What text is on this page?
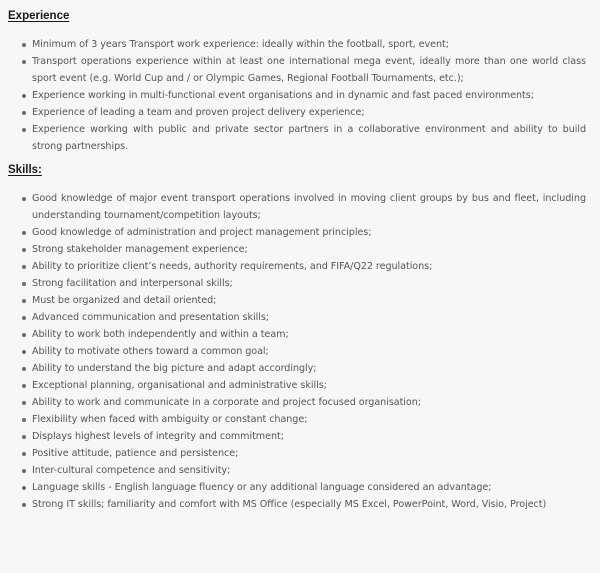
Experience
Minimum of 3 years Transport work experience: ideally within the football, sport, event;
Transport operations experience within at least one international mega event, ideally more than one world class sport event (e.g. World Cup and / or Olympic Games, Regional Football Tournaments, etc.);
Experience working in multi-functional event organisations and in dynamic and fast paced environments;
Experience of leading a team and proven project delivery experience;
Experience working with public and private sector partners in a collaborative environment and ability to build strong partnerships.
Skills:
Good knowledge of major event transport operations involved in moving client groups by bus and fleet, including understanding tournament/competition layouts;
Good knowledge of administration and project management principles;
Strong stakeholder management experience;
Ability to prioritize client’s needs, authority requirements, and FIFA/Q22 regulations;
Strong facilitation and interpersonal skills;
Must be organized and detail oriented;
Advanced communication and presentation skills;
Ability to work both independently and within a team;
Ability to motivate others toward a common goal;
Ability to understand the big picture and adapt accordingly;
Exceptional planning, organisational and administrative skills;
Ability to work and communicate in a corporate and project focused organisation;
Flexibility when faced with ambiguity or constant change;
Displays highest levels of integrity and commitment;
Positive attitude, patience and persistence;
Inter-cultural competence and sensitivity;
Language skills - English language fluency or any additional language considered an advantage;
Strong IT skills; familiarity and comfort with MS Office (especially MS Excel, PowerPoint, Word, Visio, Project)
